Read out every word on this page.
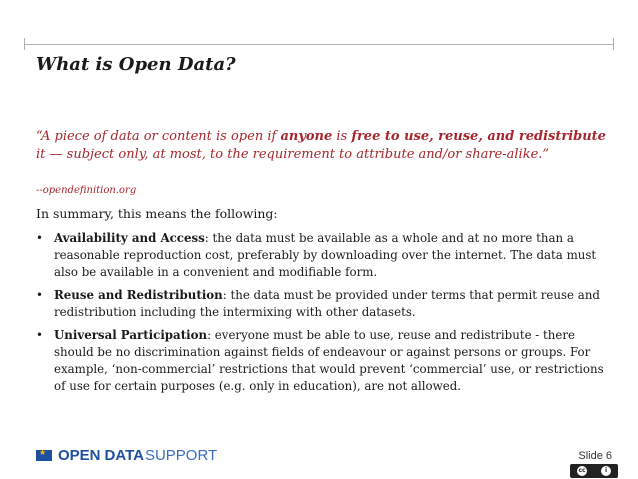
What is Open Data?
“A piece of data or content is open if anyone is free to use, reuse, and redistribute it — subject only, at most, to the requirement to attribute and/or share-alike.”
--opendefinition.org
In summary, this means the following:
• Availability and Access: the data must be available as a whole and at no more than a reasonable reproduction cost, preferably by downloading over the internet. The data must also be available in a convenient and modifiable form.
• Reuse and Redistribution: the data must be provided under terms that permit reuse and redistribution including the intermixing with other datasets.
• Universal Participation: everyone must be able to use, reuse and redistribute - there should be no discrimination against fields of endeavour or against persons or groups. For example, ‘non-commercial’ restrictions that would prevent ‘commercial’ use, or restrictions of use for certain purposes (e.g. only in education), are not allowed.
★
OPEN DATA SUPPORT	Slide 6
cc	i
